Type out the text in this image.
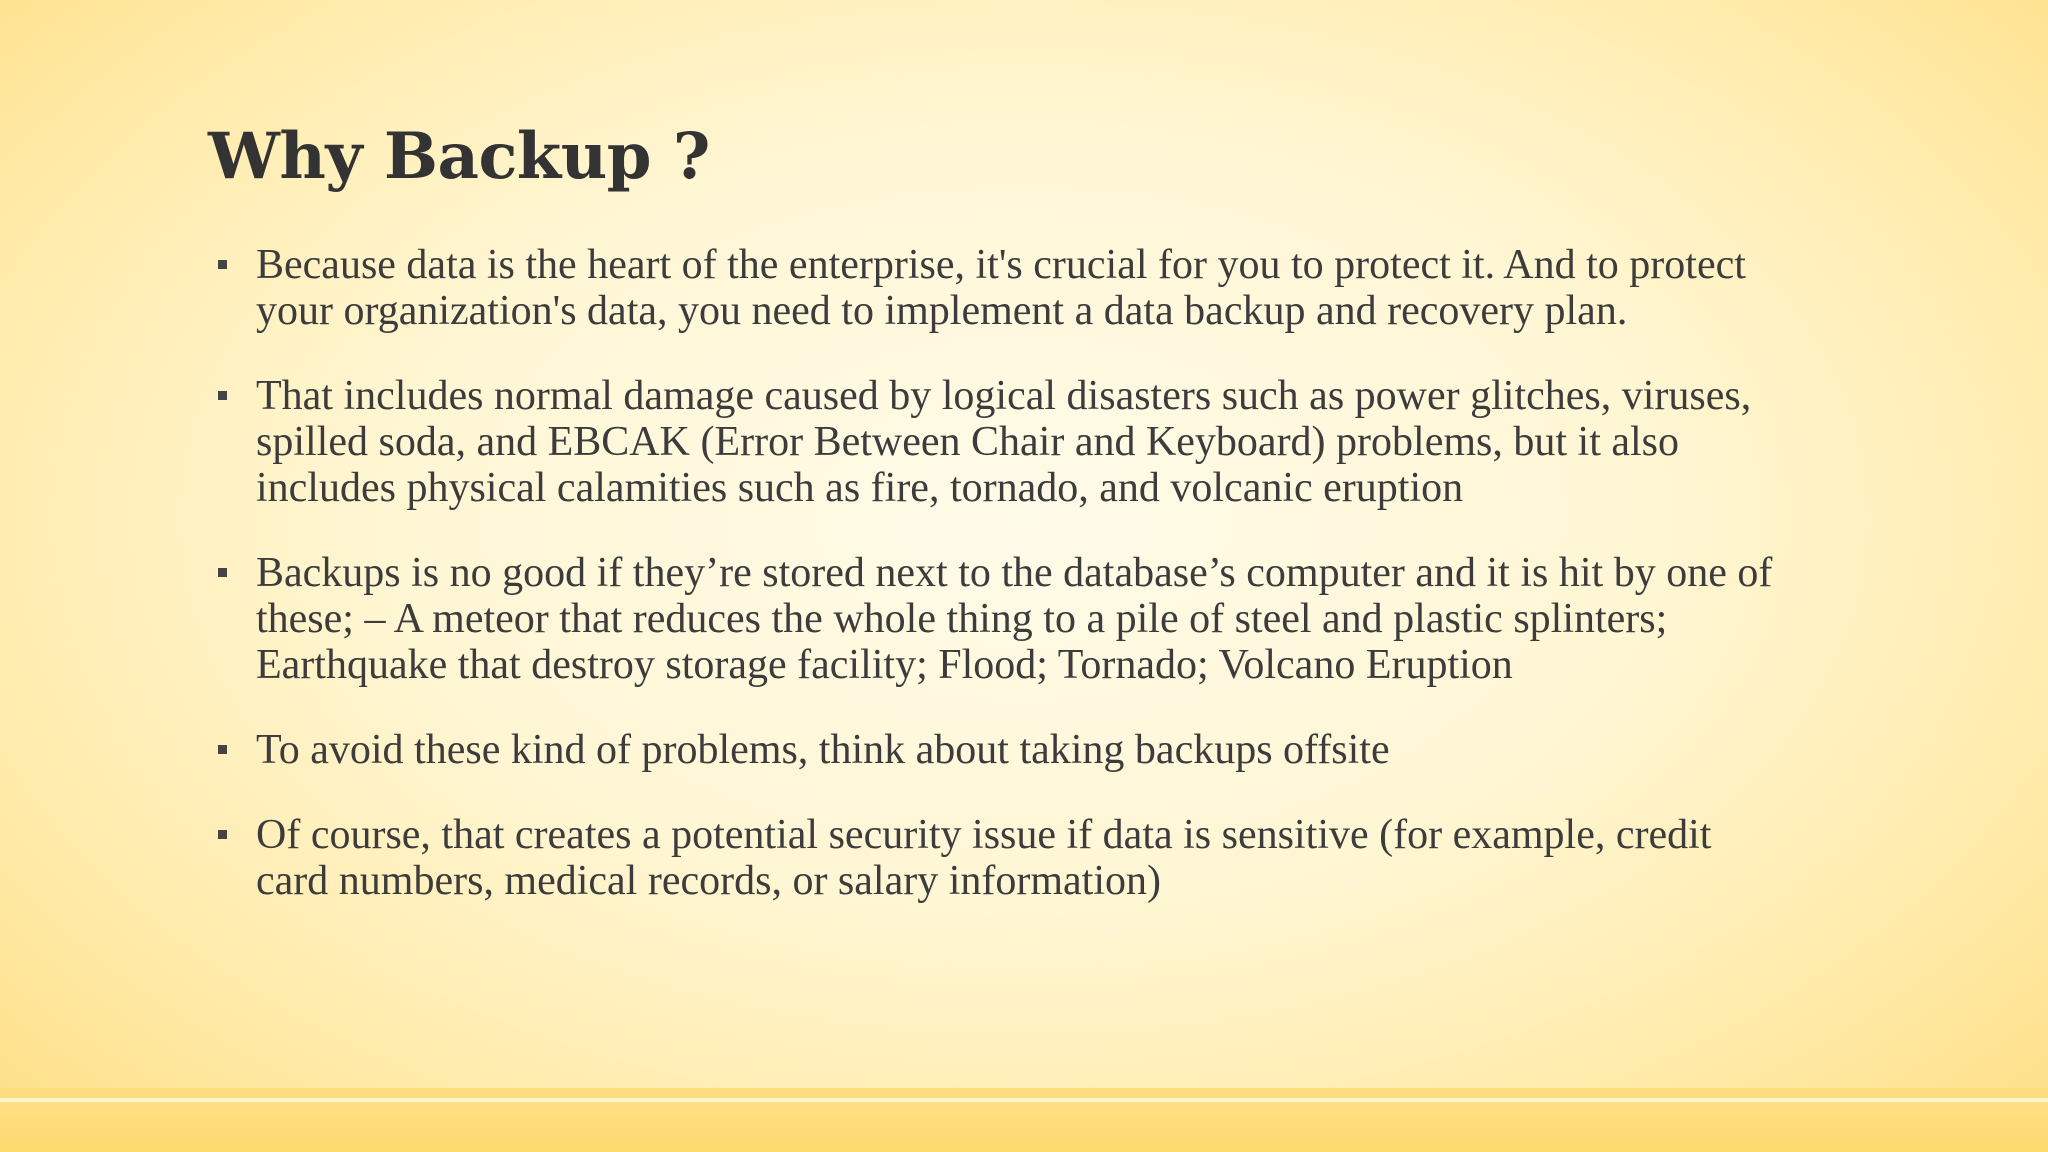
Why Backup ?
Because data is the heart of the enterprise, it's crucial for you to protect it. And to protect your organization's data, you need to implement a data backup and recovery plan.
That includes normal damage caused by logical disasters such as power glitches, viruses, spilled soda, and EBCAK (Error Between Chair and Keyboard) problems, but it also includes physical calamities such as fire, tornado, and volcanic eruption
Backups is no good if they’re stored next to the database’s computer and it is hit by one of these; – A meteor that reduces the whole thing to a pile of steel and plastic splinters; Earthquake that destroy storage facility; Flood; Tornado; Volcano Eruption
To avoid these kind of problems, think about taking backups offsite
Of course, that creates a potential security issue if data is sensitive (for example, credit card numbers, medical records, or salary information)
